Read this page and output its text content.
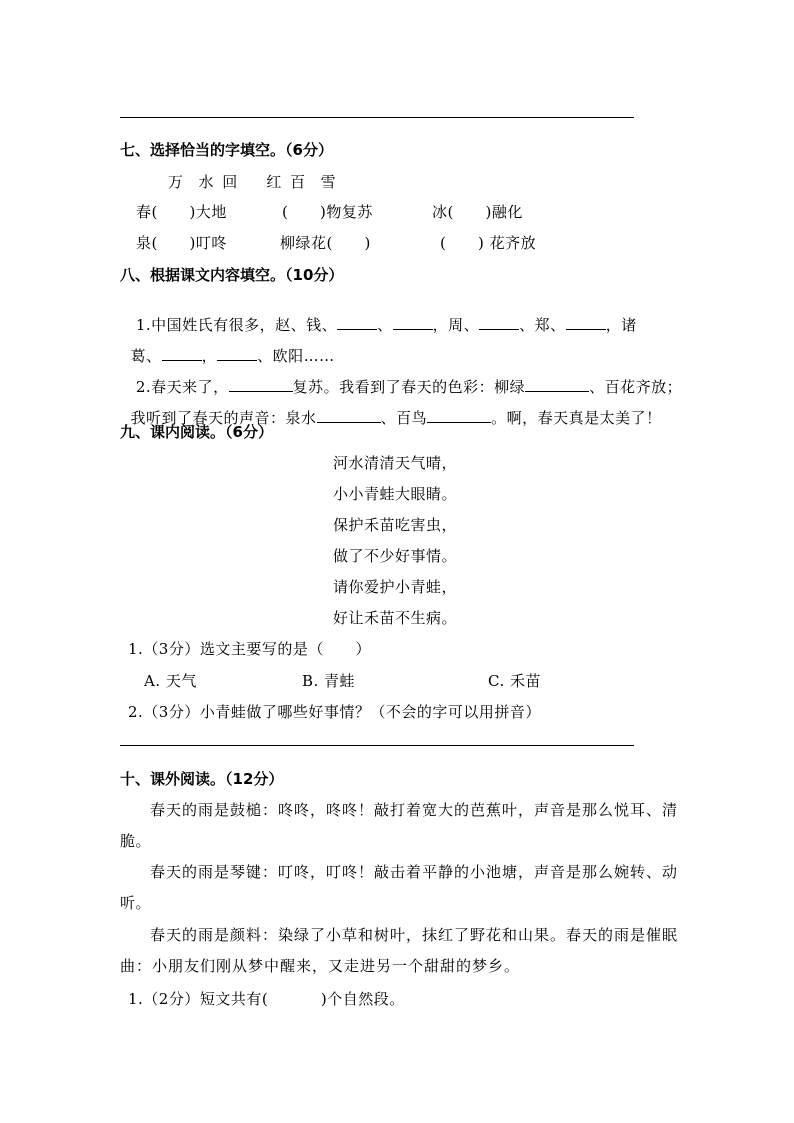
七、选择恰当的字填空。（6分）
万  水 回    红 百  雪
春(      )大地	(      )物复苏	冰(      )融化
泉(      )叮咚	柳绿花(      )	(      ) 花齐放
八、根据课文内容填空。（10分）

1.中国姓氏有很多，赵、钱、	、	，周、	、郑、	，诸

葛、	，	、欧阳……

2.春天来了，	复苏。我看到了春天的色彩：柳绿	、百花齐放；

我听到了春天的声音：泉水	、百鸟	。啊，春天真是太美了！

九、课内阅读。（6分）
河水清清天气晴，
小小青蛙大眼睛。
保护禾苗吃害虫，
做了不少好事情。
请你爱护小青蛙，
好让禾苗不生病。
1.（3分）选文主要写的是（      ）
A. 天气	B. 青蛙	C. 禾苗
2.（3分）小青蛙做了哪些好事情？（不会的字可以用拼音）
十、课外阅读。（12分）
春天的雨是鼓槌：咚咚，咚咚！敲打着宽大的芭蕉叶，声音是那么悦耳、清
脆。
春天的雨是琴键：叮咚，叮咚！敲击着平静的小池塘，声音是那么婉转、动
听。
春天的雨是颜料：染绿了小草和树叶，抹红了野花和山果。春天的雨是催眠
曲：小朋友们刚从梦中醒来，又走进另一个甜甜的梦乡。
1.（2分）短文共有(          )个自然段。
